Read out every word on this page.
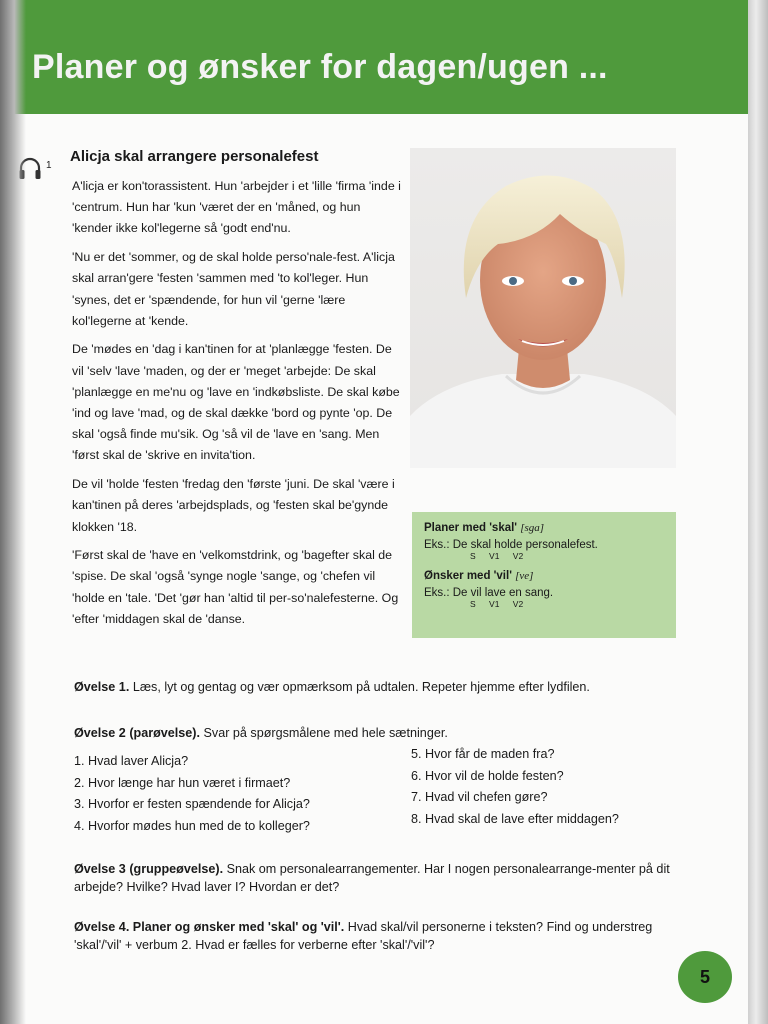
Planer og ønsker for dagen/ugen ...
1
Alicja skal arrangere personalefest

A'licja er kon'torassistent. Hun 'arbejder i et 'lille 'firma 'inde i 'centrum. Hun har 'kun 'været der en 'måned, og hun 'kender ikke kol'legerne så 'godt end'nu.

'Nu er det 'sommer, og de skal holde perso'nale-fest. A'licja skal arran'gere 'festen 'sammen med 'to kol'leger. Hun 'synes, det er 'spændende, for hun vil 'gerne 'lære kol'legerne at 'kende.

De 'mødes en 'dag i kan'tinen for at 'planlægge 'festen. De vil 'selv 'lave 'maden, og der er 'meget 'arbejde: De skal 'planlægge en me'nu og 'lave en 'indkøbsliste. De skal købe 'ind og lave 'mad, og de skal dække 'bord og pynte 'op. De skal 'også finde mu'sik. Og 'så vil de 'lave en 'sang. Men 'først skal de 'skrive en invita'tion.

De vil 'holde 'festen 'fredag den 'første 'juni. De skal 'være i kan'tinen på deres 'arbejdsplads, og 'festen skal be'gynde klokken '18.

'Først skal de 'have en 'velkomstdrink, og 'bagefter skal de 'spise. De skal 'også 'synge nogle 'sange, og 'chefen vil 'holde en 'tale. 'Det 'gør han 'altid til per-so'nalefesterne. Og 'efter 'middagen skal de 'danse.

Planer med 'skal' [sga]
Eks.: De skal holde personalefest.
S V1 V2
Ønsker med 'vil' [ve]
Eks.: De vil lave en sang.
S V1 V2
Øvelse 1. Læs, lyt og gentag og vær opmærksom på udtalen. Repeter hjemme efter lydfilen.
Øvelse 2 (parøvelse). Svar på spørgsmålene med hele sætninger.
1. Hvad laver Alicja?
2. Hvor længe har hun været i firmaet?
3. Hvorfor er festen spændende for Alicja?
4. Hvorfor mødes hun med de to kolleger?
5. Hvor får de maden fra?
6. Hvor vil de holde festen?
7. Hvad vil chefen gøre?
8. Hvad skal de lave efter middagen?
Øvelse 3 (gruppeøvelse). Snak om personalearrangementer. Har I nogen personalearrange-menter på dit arbejde? Hvilke? Hvad laver I? Hvordan er det?
Øvelse 4. Planer og ønsker med 'skal' og 'vil'. Hvad skal/vil personerne i teksten? Find og understreg 'skal'/'vil' + verbum 2. Hvad er fælles for verberne efter 'skal'/'vil'?
5
